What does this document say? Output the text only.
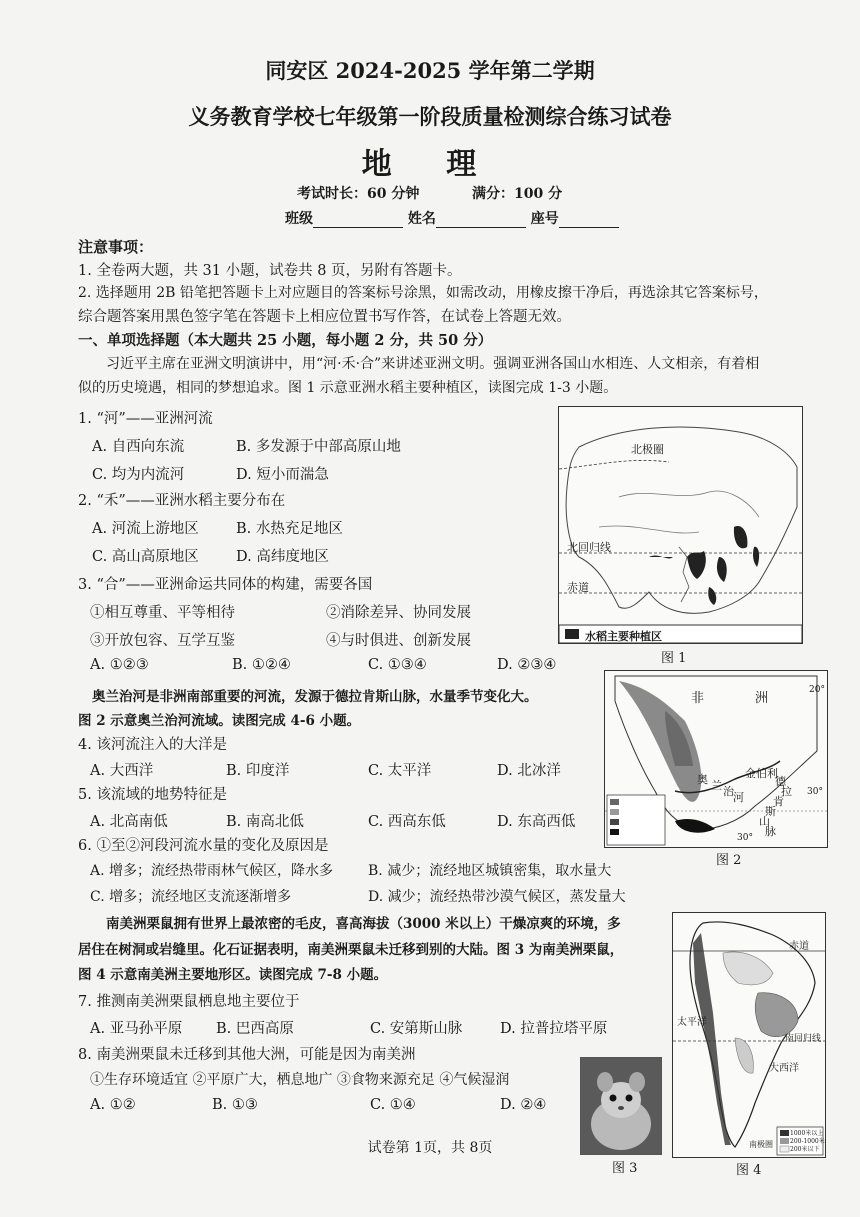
同安区 2024-2025 学年第二学期
义务教育学校七年级第一阶段质量检测综合练习试卷
地 理
考试时长：60 分钟	满分：100 分
班级	姓名	座号
注意事项：
1. 全卷两大题，共 31 小题，试卷共 8 页，另附有答题卡。
2. 选择题用 2B 铅笔把答题卡上对应题目的答案标号涂黑，如需改动，用橡皮擦干净后，再选涂其它答案标号，
综合题答案用黑色签字笔在答题卡上相应位置书写作答，在试卷上答题无效。
一、单项选择题（本大题共 25 小题，每小题 2 分，共 50 分）
习近平主席在亚洲文明演讲中，用“河·禾·合”来讲述亚洲文明。强调亚洲各国山水相连、人文相亲，有着相
似的历史境遇，相同的梦想追求。图 1 示意亚洲水稻主要种植区，读图完成 1-3 小题。
1. “河”——亚洲河流
A. 自西向东流	B. 多发源于中部高原山地
C. 均为内流河	D. 短小而湍急
2. “禾”——亚洲水稻主要分布在
A. 河流上游地区	B. 水热充足地区
C. 高山高原地区	D. 高纬度地区
3. “合”——亚洲命运共同体的构建，需要各国
①相互尊重、平等相待	②消除差异、协同发展
③开放包容、互学互鉴	④与时俱进、创新发展
A. ①②③	B. ①②④	C. ①③④	D. ②③④
北极圈
北回归线
赤道
水稻主要种植区
图 1
奥兰治河是非洲南部重要的河流，发源于德拉肯斯山脉，水量季节变化大。
图 2 示意奥兰治河流域。读图完成 4-6 小题。
非	洲
20°
30°
奥 兰 治 河
金伯利
德
拉
肯
斯
山
脉
30°
图 2
4. 该河流注入的大洋是
A. 大西洋	B. 印度洋	C. 太平洋	D. 北冰洋
5. 该流域的地势特征是
A. 北高南低	B. 南高北低	C. 西高东低	D. 东高西低
6. ①至②河段河流水量的变化及原因是
A. 增多；流经热带雨林气候区，降水多 B. 减少；流经地区城镇密集，取水量大
C. 增多；流经地区支流逐渐增多	D. 减少；流经热带沙漠气候区，蒸发量大
南美洲栗鼠拥有世界上最浓密的毛皮，喜高海拔（3000 米以上）干燥凉爽的环境，多
居住在树洞或岩缝里。化石证据表明，南美洲栗鼠未迁移到别的大陆。图 3 为南美洲栗鼠，
图 4 示意南美洲主要地形区。读图完成 7-8 小题。
7. 推测南美洲栗鼠栖息地主要位于
A. 亚马孙平原 B. 巴西高原	C. 安第斯山脉	D. 拉普拉塔平原
8. 南美洲栗鼠未迁移到其他大洲，可能是因为南美洲
①生存环境适宜 ②平原广大，栖息地广 ③食物来源充足 ④气候湿润
A. ①②	B. ①③	C. ①④	D. ②④
图 3
赤道
太平洋
大西洋
南回归线
1000米以上
200-1000米
200米以下
南极圈
图 4
试卷第 1页，共 8页
